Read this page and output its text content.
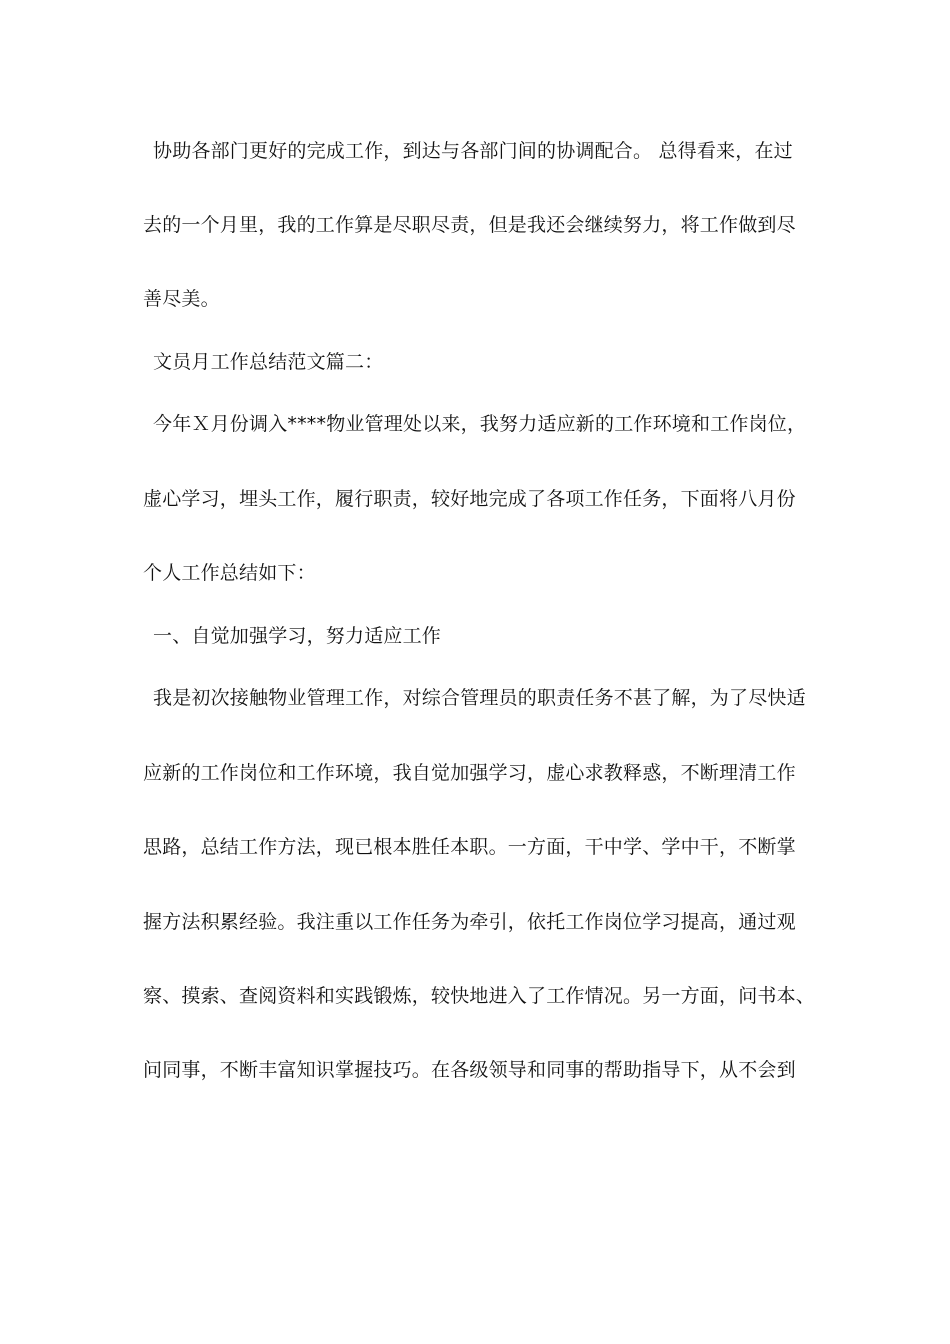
协助各部门更好的完成工作，到达与各部门间的协调配合。 总得看来，在过
去的一个月里，我的工作算是尽职尽责，但是我还会继续努力，将工作做到尽
善尽美。
文员月工作总结范文篇二：
今年Ｘ月份调入****物业管理处以来，我努力适应新的工作环境和工作岗位，
虚心学习，埋头工作，履行职责，较好地完成了各项工作任务，下面将八月份
个人工作总结如下：
一、自觉加强学习，努力适应工作
我是初次接触物业管理工作，对综合管理员的职责任务不甚了解，为了尽快适
应新的工作岗位和工作环境，我自觉加强学习，虚心求教释惑，不断理清工作
思路，总结工作方法，现已根本胜任本职。一方面，干中学、学中干，不断掌
握方法积累经验。我注重以工作任务为牵引，依托工作岗位学习提高，通过观
察、摸索、查阅资料和实践锻炼，较快地进入了工作情况。另一方面，问书本、
问同事，不断丰富知识掌握技巧。在各级领导和同事的帮助指导下，从不会到
